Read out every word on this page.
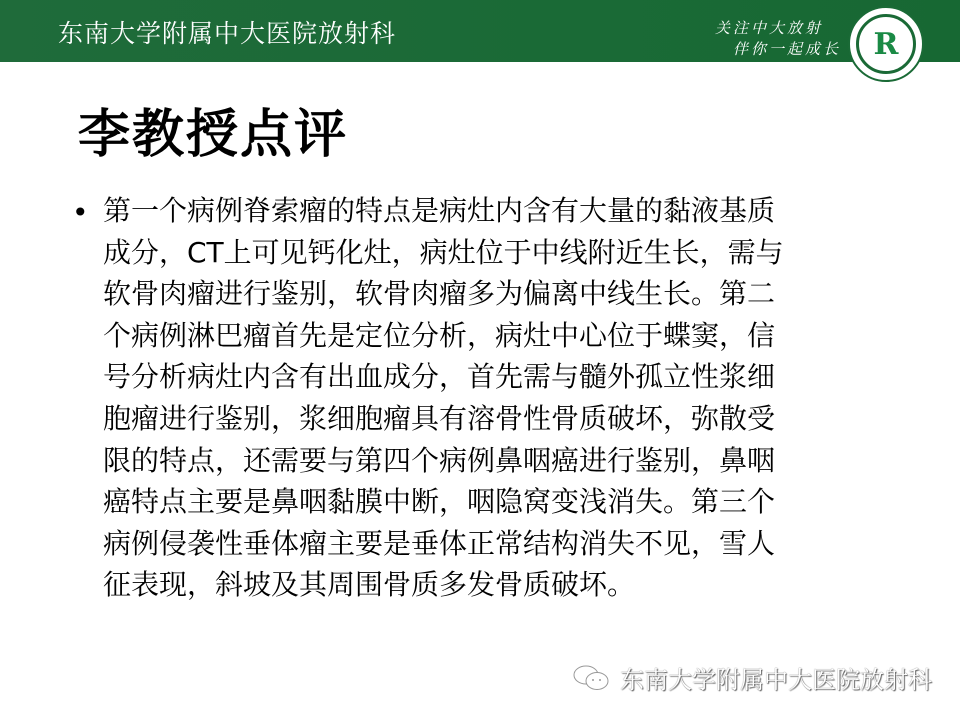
东南大学附属中大医院放射科	关注中大放射
伴你一起成长	R
李教授点评
• 第一个病例脊索瘤的特点是病灶内含有大量的黏液基质
成分，CT上可见钙化灶，病灶位于中线附近生长，需与
软骨肉瘤进行鉴别，软骨肉瘤多为偏离中线生长。第二
个病例淋巴瘤首先是定位分析，病灶中心位于蝶窦，信
号分析病灶内含有出血成分，首先需与髓外孤立性浆细
胞瘤进行鉴别，浆细胞瘤具有溶骨性骨质破坏，弥散受
限的特点，还需要与第四个病例鼻咽癌进行鉴别，鼻咽
癌特点主要是鼻咽黏膜中断，咽隐窝变浅消失。第三个
病例侵袭性垂体瘤主要是垂体正常结构消失不见，雪人
征表现，斜坡及其周围骨质多发骨质破坏。
东南大学附属中大医院放射科
